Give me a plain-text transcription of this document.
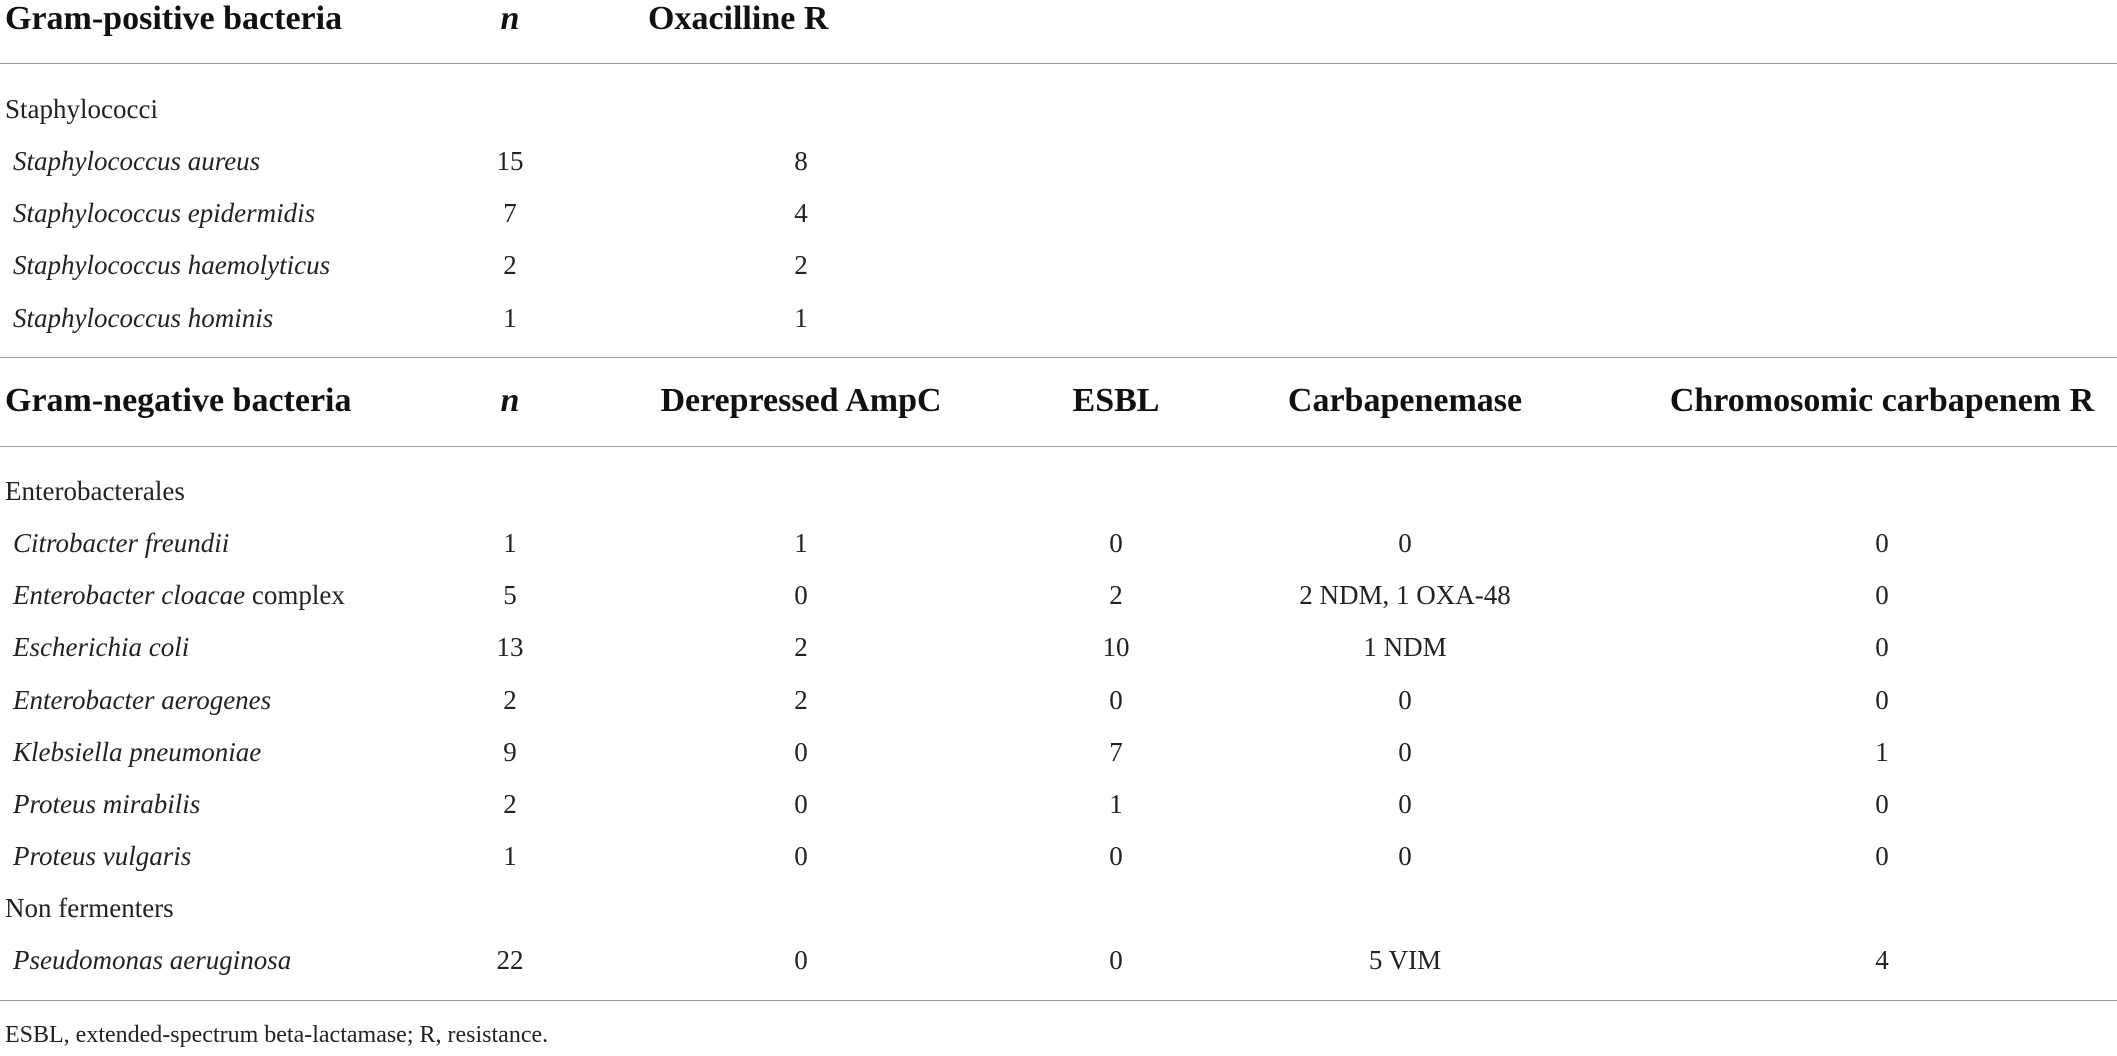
Gram-positive bacteria	n	Oxacilline R
Staphylococci
Staphylococcus aureus	15	8
Staphylococcus epidermidis	7	4
Staphylococcus haemolyticus	2	2
Staphylococcus hominis	1	1
Gram-negative bacteria	n	Derepressed AmpC	ESBL	Carbapenemase	Chromosomic carbapenem R
Enterobacterales
Citrobacter freundii	1	1	0	0	0
Enterobacter cloacae complex	5	0	2	2 NDM, 1 OXA-48	0
Escherichia coli	13	2	10	1 NDM	0
Enterobacter aerogenes	2	2	0	0	0
Klebsiella pneumoniae	9	0	7	0	1
Proteus mirabilis	2	0	1	0	0
Proteus vulgaris	1	0	0	0	0
Non fermenters
Pseudomonas aeruginosa	22	0	0	5 VIM	4
ESBL, extended-spectrum beta-lactamase; R, resistance.
